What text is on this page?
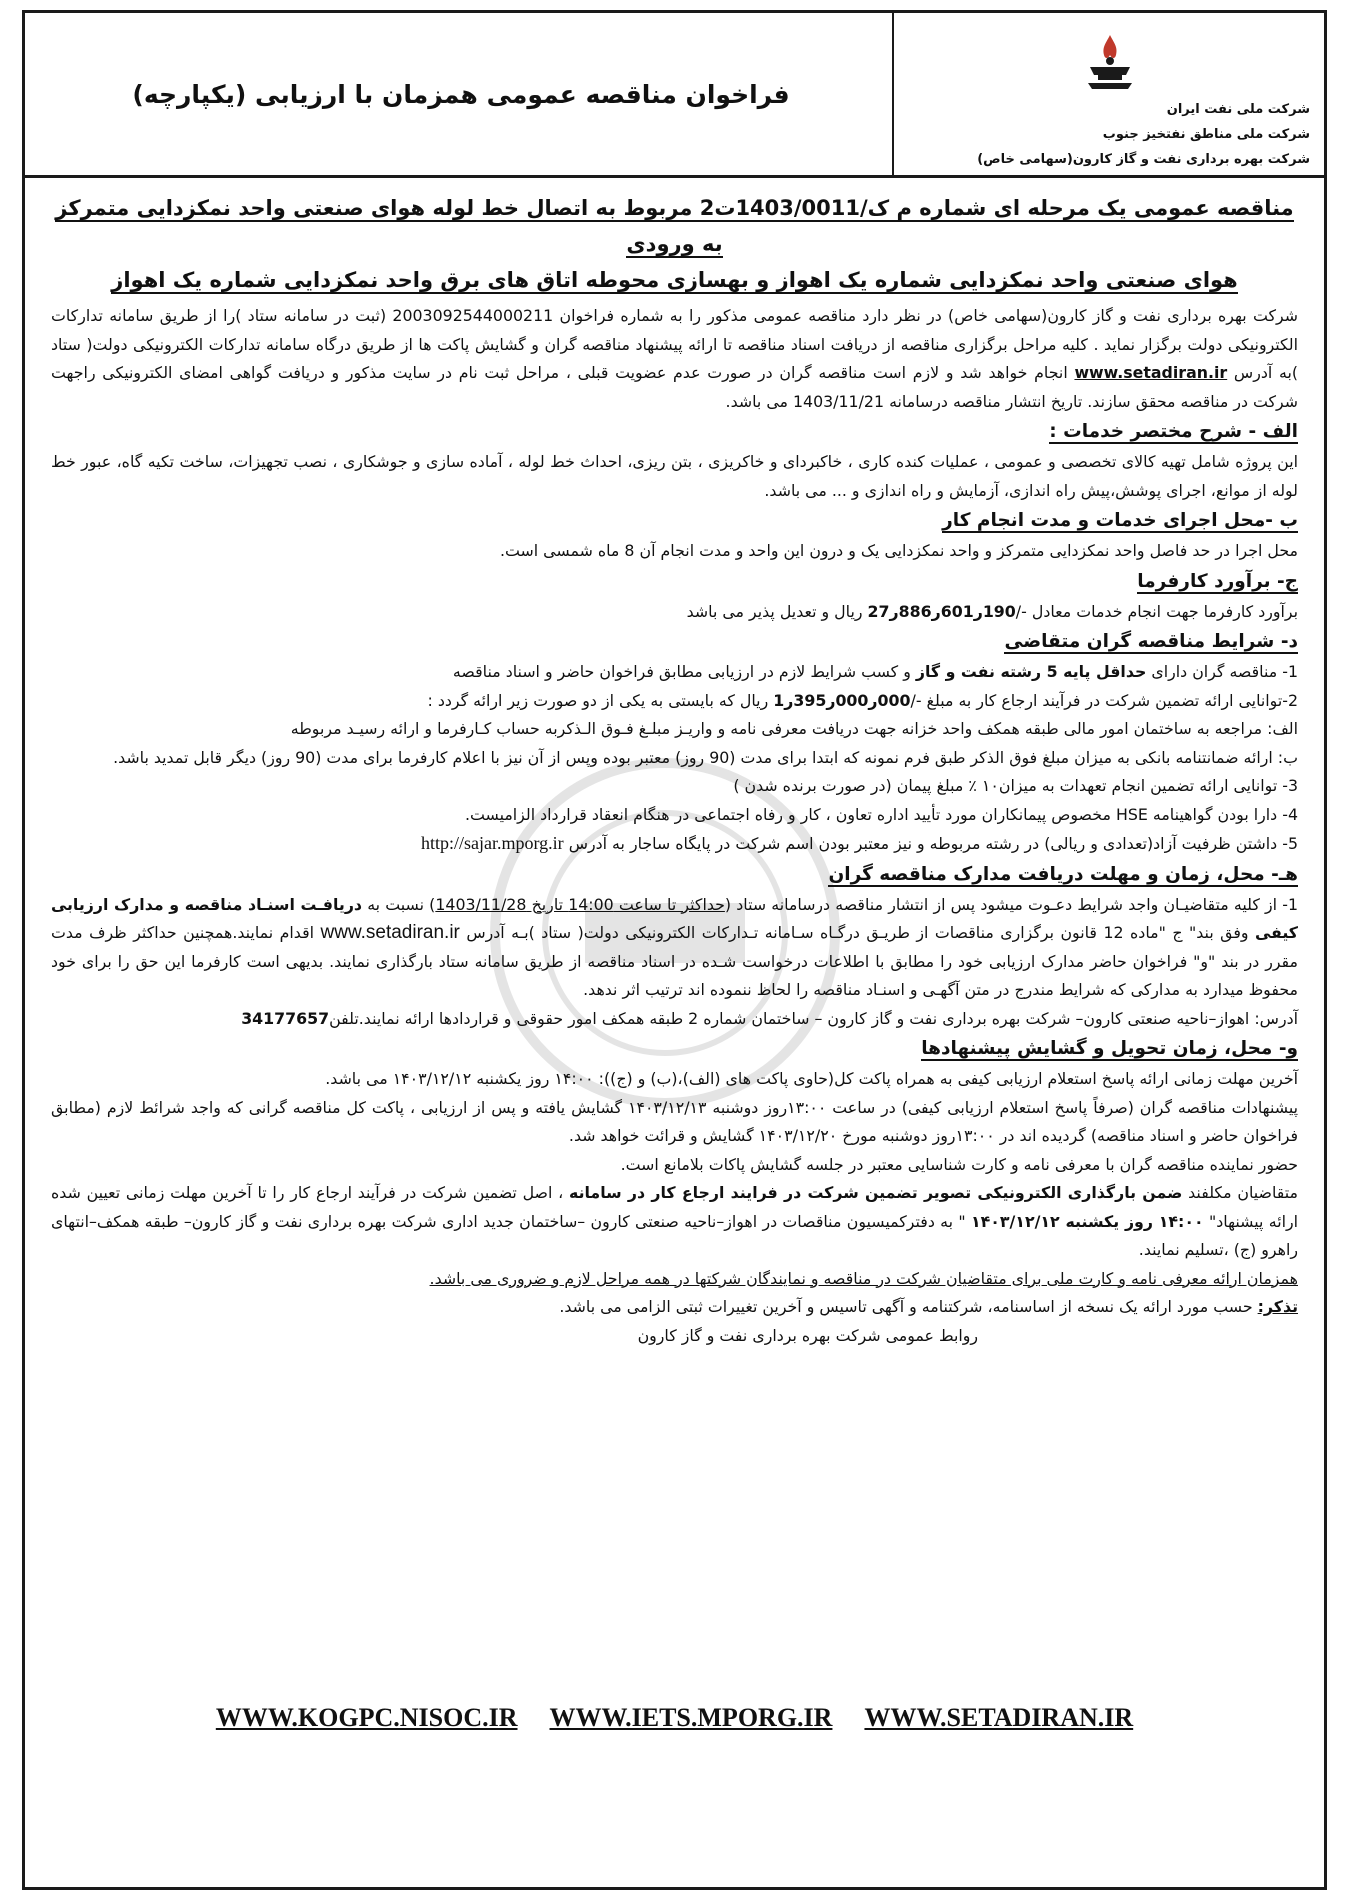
فراخوان مناقصه عمومی همزمان با ارزیابی (یکپارچه)
شرکت ملی نفت ایران
شرکت ملی مناطق نفتخیز جنوب
شرکت بهره برداری نفت و گاز کارون(سهامی خاص)
مناقصه عمومی یک مرحله ای شماره م ک/1403/0011ت2 مربوط به اتصال خط لوله هوای صنعتی واحد نمکزدایی متمرکز به ورودی
هوای صنعتی واحد نمکزدایی شماره یک اهواز و بهسازی محوطه اتاق های برق واحد نمکزدایی شماره یک اهواز

شرکت بهره برداری نفت و گاز کارون(سهامی خاص) در نظر دارد مناقصه عمومی مذکور را به شماره فراخوان 2003092544000211 (ثبت در سامانه ستاد )را از طریق سامانه تدارکات الکترونیکی دولت برگزار نماید . کلیه مراحل برگزاری مناقصه از دریافت اسناد مناقصه تا ارائه پیشنهاد مناقصه گران و گشایش پاکت ها از طریق درگاه سامانه تدارکات الکترونیکی دولت( ستاد )به آدرس www.setadiran.ir انجام خواهد شد و لازم است مناقصه گران در صورت عدم عضویت قبلی ، مراحل ثبت نام در سایت مذکور و دریافت گواهی امضای الکترونیکی راجهت شرکت در مناقصه محقق سازند. تاریخ انتشار مناقصه درسامانه 1403/11/21 می باشد.

الف - شرح مختصر خدمات :

این پروژه شامل تهیه کالای تخصصی و عمومی ، عملیات کنده کاری ، خاکبردای و خاکریزی ، بتن ریزی، احداث خط لوله ، آماده سازی و جوشکاری ، نصب تجهیزات، ساخت تکیه گاه، عبور خط لوله از موانع، اجرای پوشش،پیش راه اندازی، آزمایش و راه اندازی و ... می باشد.

ب -محل اجرای خدمات و مدت انجام کار

محل اجرا در حد فاصل واحد نمکزدایی متمرکز و واحد نمکزدایی یک و درون این واحد و مدت انجام آن 8 ماه شمسی است.

ج- برآورد کارفرما

برآورد کارفرما جهت انجام خدمات معادل -/190ر601ر886ر27 ریال و تعدیل پذیر می باشد

د- شرایط مناقصه گران متقاضی

1- مناقصه گران دارای حداقل پایه 5 رشته نفت و گاز و کسب شرایط لازم در ارزیابی مطابق فراخوان حاضر و اسناد مناقصه

2-توانایی ارائه تضمین شرکت در فرآیند ارجاع کار به مبلغ -/000ر000ر395ر1 ریال که بایستی به یکی از دو صورت زیر ارائه گردد :

الف: مراجعه به ساختمان امور مالی طبقه همکف واحد خزانه جهت دریافت معرفی نامه و واریـز مبلـغ فـوق الـذکربه حساب کـارفرما و ارائه رسیـد مربوطه

ب: ارائه ضمانتنامه بانکی به میزان مبلغ فوق الذکر طبق فرم نمونه که ابتدا برای مدت (90 روز) معتبر بوده وپس از آن نیز با اعلام کارفرما برای مدت (90 روز) دیگر قابل تمدید باشد.

3- توانایی ارائه تضمین انجام تعهدات به میزان۱۰ ٪ مبلغ پیمان (در صورت برنده شدن )

4- دارا بودن گواهینامه HSE مخصوص پیمانکاران مورد تأیید اداره تعاون ، کار و رفاه اجتماعی در هنگام انعقاد قرارداد الزامیست.

5- داشتن ظرفیت آزاد(تعدادی و ریالی) در رشته مربوطه و نیز معتبر بودن اسم شرکت در پایگاه ساجار به آدرس http://sajar.mporg.ir

هـ- محل، زمان و مهلت دریافت مدارک مناقصه گران

1- از کلیه متقاضیـان واجد شرایط دعـوت میشود پس از انتشار مناقصه درسامانه ستاد (حداکثر تا ساعت 14:00 تاریخ 1403/11/28) نسبت به دریافـت اسنـاد مناقصه و مدارک ارزیابی کیفی وفق بند" ج "ماده 12 قانون برگزاری مناقصات از طریـق درگـاه سـامانه تـدارکات الکترونیکی دولت( ستاد )بـه آدرس www.setadiran.ir اقدام نمایند.همچنین حداکثر ظرف مدت مقرر در بند "و" فراخوان حاضر مدارک ارزیابی خود را مطابق با اطلاعات درخواست شـده در اسناد مناقصه از طریق سامانه ستاد بارگذاری نمایند. بدیهی است کارفرما این حق را برای خود محفوظ میدارد به مدارکی که شرایط مندرج در متن آگهـی و اسنـاد مناقصه را لحاظ ننموده اند ترتیب اثر ندهد.

آدرس: اهواز–ناحیه صنعتی کارون– شرکت بهره برداری نفت و گاز کارون – ساختمان شماره 2 طبقه همکف امور حقوقی و قراردادها ارائه نمایند.تلفن34177657

و- محل، زمان تحویل و گشایش پیشنهادها

آخرین مهلت زمانی ارائه پاسخ استعلام ارزیابی کیفی به همراه پاکت کل(حاوی پاکت های (الف)،(ب) و (ج)): ۱۴:۰۰ روز یکشنبه ۱۴۰۳/۱۲/۱۲ می باشد.

پیشنهادات مناقصه گران (صرفاً پاسخ استعلام ارزیابی کیفی) در ساعت ۱۳:۰۰روز دوشنبه ۱۴۰۳/۱۲/۱۳ گشایش یافته و پس از ارزیابی ، پاکت کل مناقصه گرانی که واجد شرائط لازم (مطابق فراخوان حاضر و اسناد مناقصه) گردیده اند در ۱۳:۰۰روز دوشنبه مورخ ۱۴۰۳/۱۲/۲۰ گشایش و قرائت خواهد شد.

حضور نماینده مناقصه گران با معرفی نامه و کارت شناسایی معتبر در جلسه گشایش پاکات بلامانع است.

متقاضیان مکلفند ضمن بارگذاری الکترونیکی تصویر تضمین شرکت در فرایند ارجاع کار در سامانه ، اصل تضمین شرکت در فرآیند ارجاع کار را تا آخرین مهلت زمانی تعیین شده ارائه پیشنهاد" ۱۴:۰۰ روز یکشنبه ۱۴۰۳/۱۲/۱۲ " به دفترکمیسیون مناقصات در اهواز–ناحیه صنعتی کارون –ساختمان جدید اداری شرکت بهره برداری نفت و گاز کارون– طبقه همکف–انتهای راهرو (ج) ،تسلیم نمایند.

همزمان ارائه معرفی نامه و کارت ملی برای متقاضیان شرکت در مناقصه و نمایندگان شرکتها در همه مراحل لازم و ضروری می باشد.

تذکر: حسب مورد ارائه یک نسخه از اساسنامه، شرکتنامه و آگهی تاسیس و آخرین تغییرات ثبتی الزامی می باشد.

روابط عمومی شرکت بهره برداری نفت و گاز کارون

WWW.KOGPC.NISOC.IR WWW.IETS.MPORG.IR WWW.SETADIRAN.IR
